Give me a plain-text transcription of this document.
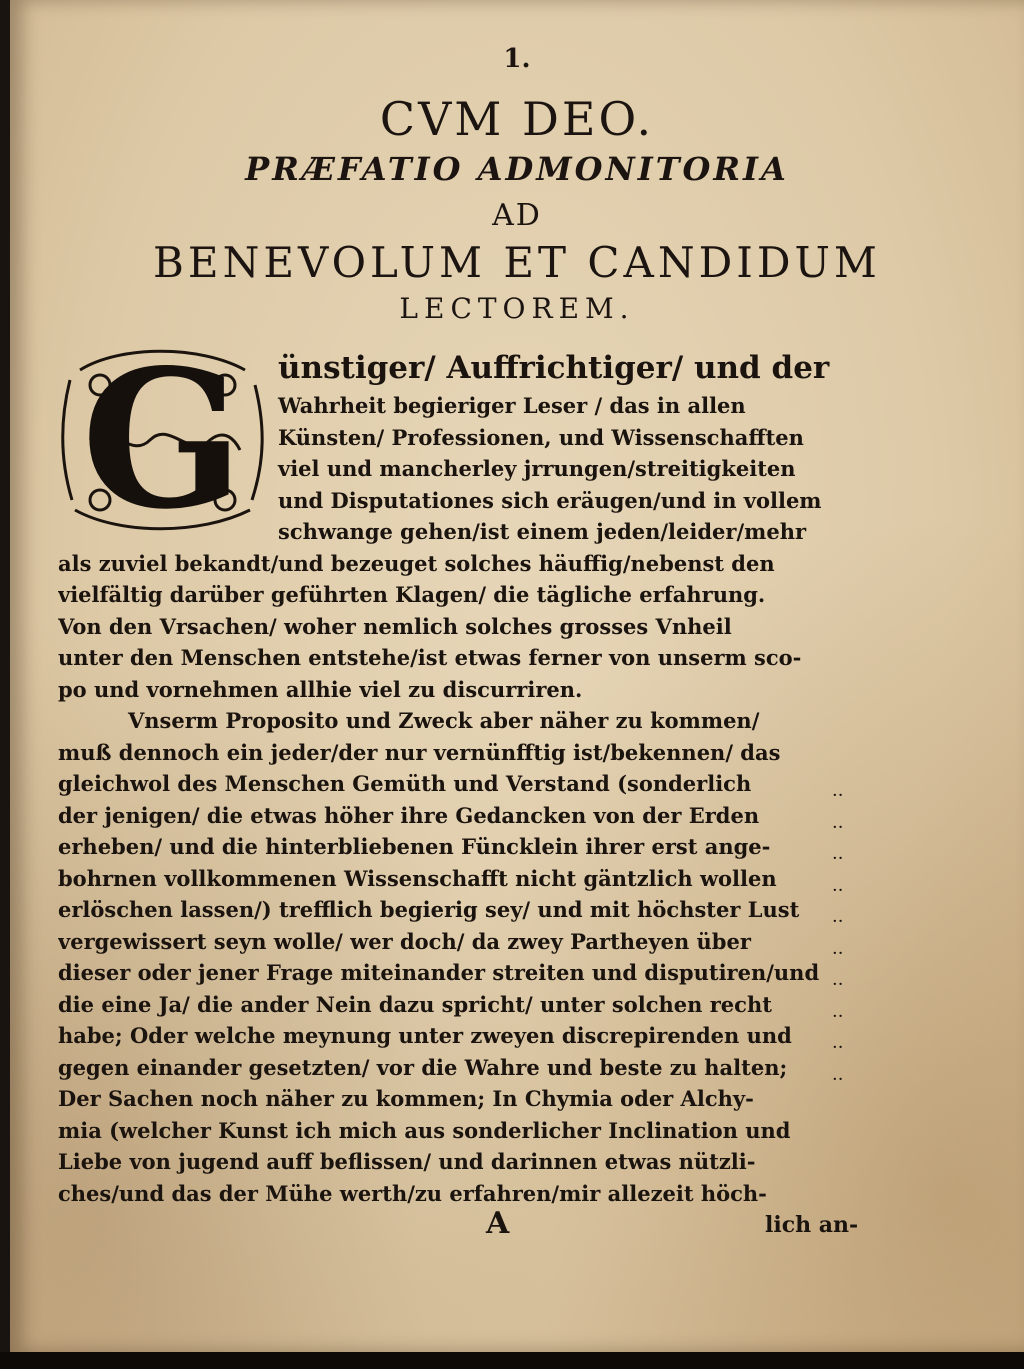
1.
CVM DEO.
PRÆFATIO ADMONITORIA
AD
BENEVOLUM ET CANDIDUM
LECTOREM.
G	ünstiger/ Auffrichtiger/ und der
Wahrheit begieriger Leser / das in allen
Künsten/ Professionen, und Wissenschafften
viel und mancherley jrrungen/streitigkeiten
und Disputationes sich eräugen/und in vollem
schwange gehen/ist einem jeden/leider/mehr
als zuviel bekandt/und bezeuget solches häuffig/nebenst den
vielfältig darüber geführten Klagen/ die tägliche erfahrung.
Von den Vrsachen/ woher nemlich solches grosses Vnheil
unter den Menschen entstehe/ist etwas ferner von unserm sco-
po und vornehmen allhie viel zu discurriren.
Vnserm Proposito und Zweck aber näher zu kommen/
muß dennoch ein jeder/der nur vernünfftig ist/bekennen/ das
gleichwol des Menschen Gemüth und Verstand (sonderlich
der jenigen/ die etwas höher ihre Gedancken von der Erden
erheben/ und die hinterbliebenen Füncklein ihrer erst ange-
bohrnen vollkommenen Wissenschafft nicht gäntzlich wollen
erlöschen lassen/) trefflich begierig sey/ und mit höchster Lust
vergewissert seyn wolle/ wer doch/ da zwey Partheyen über
dieser oder jener Frage miteinander streiten und disputiren/und
die eine Ja/ die ander Nein dazu spricht/ unter solchen recht
habe; Oder welche meynung unter zweyen discrepirenden und
gegen einander gesetzten/ vor die Wahre und beste zu halten;
Der Sachen noch näher zu kommen; In Chymia oder Alchy-
mia (welcher Kunst ich mich aus sonderlicher Inclination und
Liebe von jugend auff beflissen/ und darinnen etwas nützli-
ches/und das der Mühe werth/zu erfahren/mir allezeit höch-
··
··
··
··
··
··
··
··
··
··
A	lich an-
